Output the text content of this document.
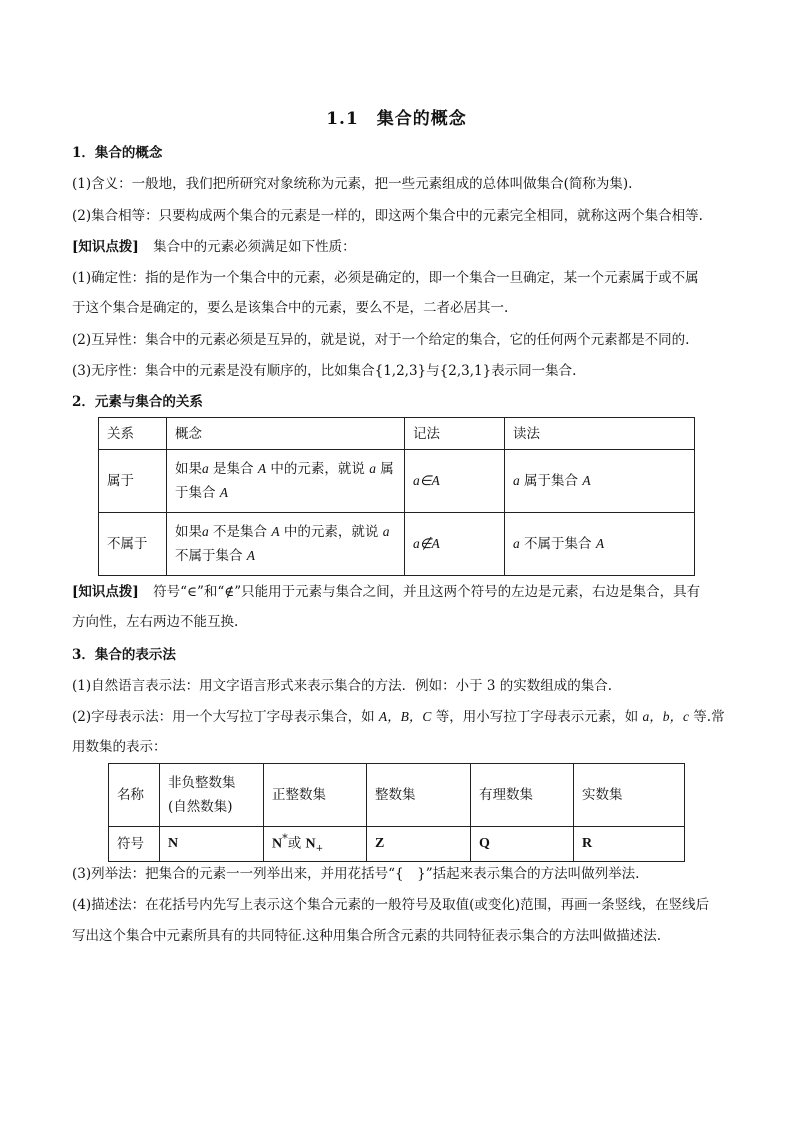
1.1　集合的概念
1．集合的概念
(1)含义：一般地，我们把所研究对象统称为元素，把一些元素组成的总体叫做集合(简称为集).
(2)集合相等：只要构成两个集合的元素是一样的，即这两个集合中的元素完全相同，就称这两个集合相等.
[知识点拨] 集合中的元素必须满足如下性质：
(1)确定性：指的是作为一个集合中的元素，必须是确定的，即一个集合一旦确定，某一个元素属于或不属
于这个集合是确定的，要么是该集合中的元素，要么不是，二者必居其一.
(2)互异性：集合中的元素必须是互异的，就是说，对于一个给定的集合，它的任何两个元素都是不同的.
(3)无序性：集合中的元素是没有顺序的，比如集合{1,2,3}与{2,3,1}表示同一集合.
2．元素与集合的关系
关系	概念	记法	读法
属于	如果a 是集合 A 中的元素，就说 a 属
于集合 A	a∈A	a 属于集合 A
不属于	如果a 不是集合 A 中的元素，就说 a
不属于集合 A	a∉A	a 不属于集合 A
[知识点拨] 符号“∈”和“∉”只能用于元素与集合之间，并且这两个符号的左边是元素，右边是集合，具有
方向性，左右两边不能互换.
3．集合的表示法
(1)自然语言表示法：用文字语言形式来表示集合的方法．例如：小于 3 的实数组成的集合.
(2)字母表示法：用一个大写拉丁字母表示集合，如 A，B，C 等，用小写拉丁字母表示元素，如 a，b，c 等.常
用数集的表示：
名称	非负整数集
(自然数集)	正整数集	整数集	有理数集	实数集
符号	N	N*或 $N_+$	Z	Q	R
(3)列举法：把集合的元素一一列举出来，并用花括号“{　}”括起来表示集合的方法叫做列举法.
(4)描述法：在花括号内先写上表示这个集合元素的一般符号及取值(或变化)范围，再画一条竖线，在竖线后
写出这个集合中元素所具有的共同特征.这种用集合所含元素的共同特征表示集合的方法叫做描述法.
